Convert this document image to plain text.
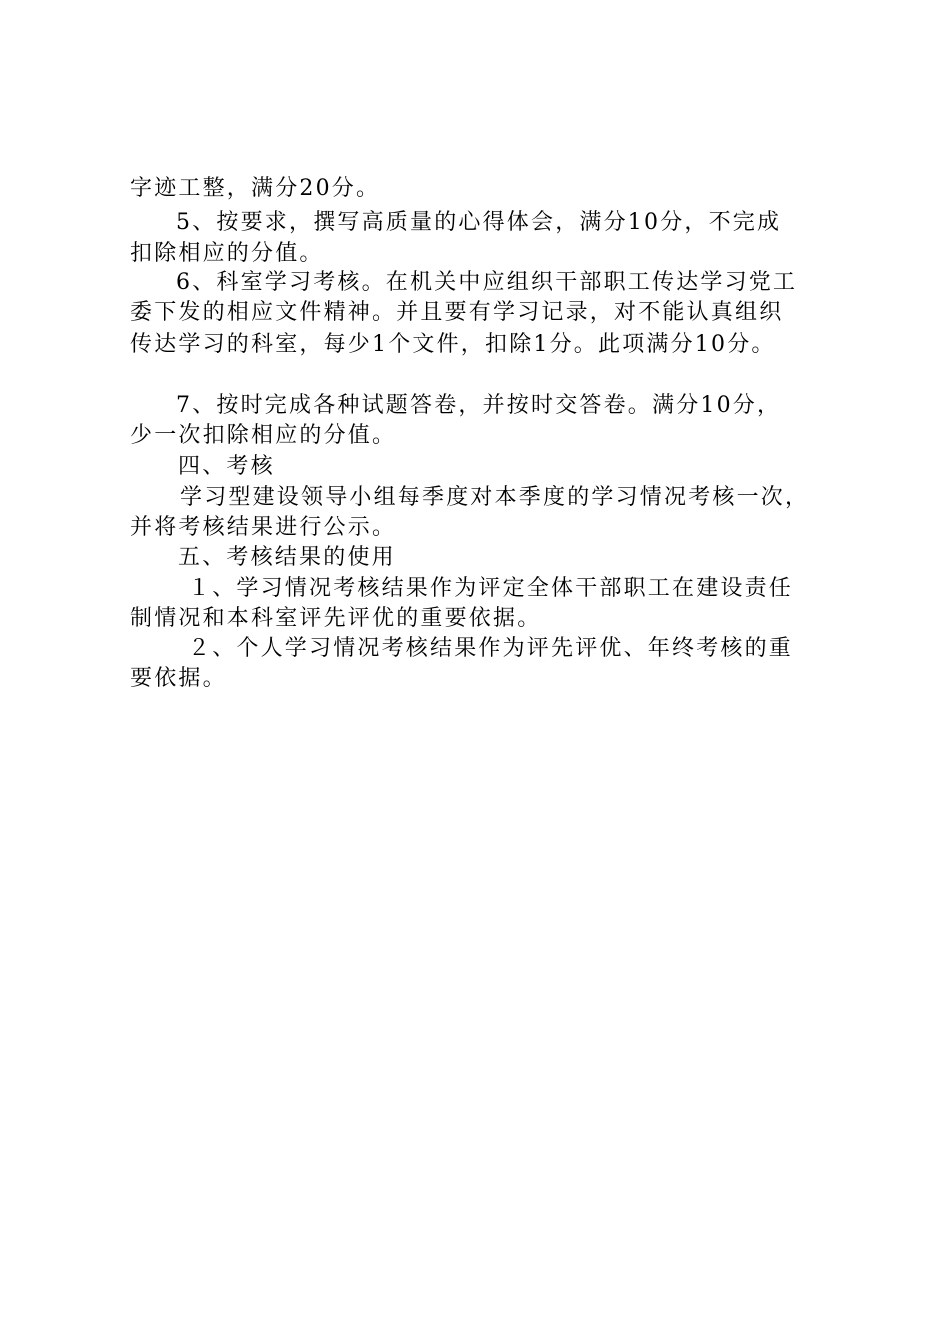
字迹工整，满分20分。
5、按要求，撰写高质量的心得体会，满分10分，不完成
扣除相应的分值。
6、科室学习考核。在机关中应组织干部职工传达学习党工
委下发的相应文件精神。并且要有学习记录，对不能认真组织
传达学习的科室，每少1个文件，扣除1分。此项满分10分。
7、按时完成各种试题答卷，并按时交答卷。满分10分，
少一次扣除相应的分值。
四、考核
学习型建设领导小组每季度对本季度的学习情况考核一次，
并将考核结果进行公示。
五、考核结果的使用
１、学习情况考核结果作为评定全体干部职工在建设责任
制情况和本科室评先评优的重要依据。
２、个人学习情况考核结果作为评先评优、年终考核的重
要依据。
